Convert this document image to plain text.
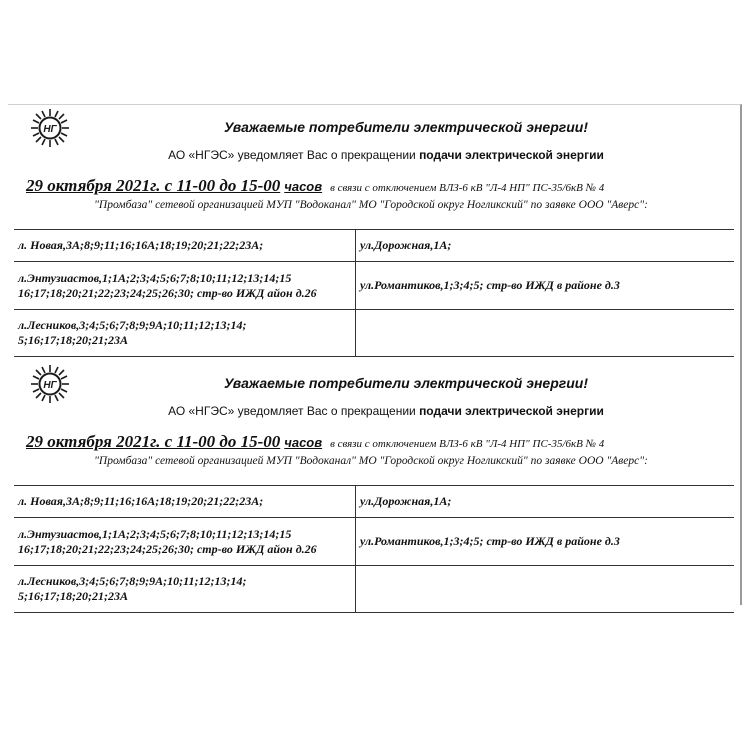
НГ	Уважаемые потребители электрической энергии!
АО «НГЭС» уведомляет Вас о прекращении подачи электрической энергии
29 октября 2021г. с 11-00 до 15-00 часов в связи с отключением ВЛЗ-6 кВ "Л-4 НП" ПС-35/6кВ № 4
"Промбаза" сетевой организацией МУП "Водоканал" МО "Городской округ Ногликский" по заявке ООО "Аверс":
л. Новая,3А;8;9;11;16;16А;18;19;20;21;22;23А;	ул.Дорожная,1А;
л.Энтузиастов,1;1А;2;3;4;5;6;7;8;10;11;12;13;14;15 16;17;18;20;21;22;23;24;25;26;30; стр-во ИЖД айон д.26	ул.Романтиков,1;3;4;5; стр-во ИЖД в районе д.3
л.Лесников,3;4;5;6;7;8;9;9А;10;11;12;13;14; 5;16;17;18;20;21;23А	
НГ	Уважаемые потребители электрической энергии!
АО «НГЭС» уведомляет Вас о прекращении подачи электрической энергии
29 октября 2021г. с 11-00 до 15-00 часов в связи с отключением ВЛЗ-6 кВ "Л-4 НП" ПС-35/6кВ № 4
"Промбаза" сетевой организацией МУП "Водоканал" МО "Городской округ Ногликский" по заявке ООО "Аверс":
л. Новая,3А;8;9;11;16;16А;18;19;20;21;22;23А;	ул.Дорожная,1А;
л.Энтузиастов,1;1А;2;3;4;5;6;7;8;10;11;12;13;14;15 16;17;18;20;21;22;23;24;25;26;30; стр-во ИЖД айон д.26	ул.Романтиков,1;3;4;5; стр-во ИЖД в районе д.3
л.Лесников,3;4;5;6;7;8;9;9А;10;11;12;13;14; 5;16;17;18;20;21;23А	
